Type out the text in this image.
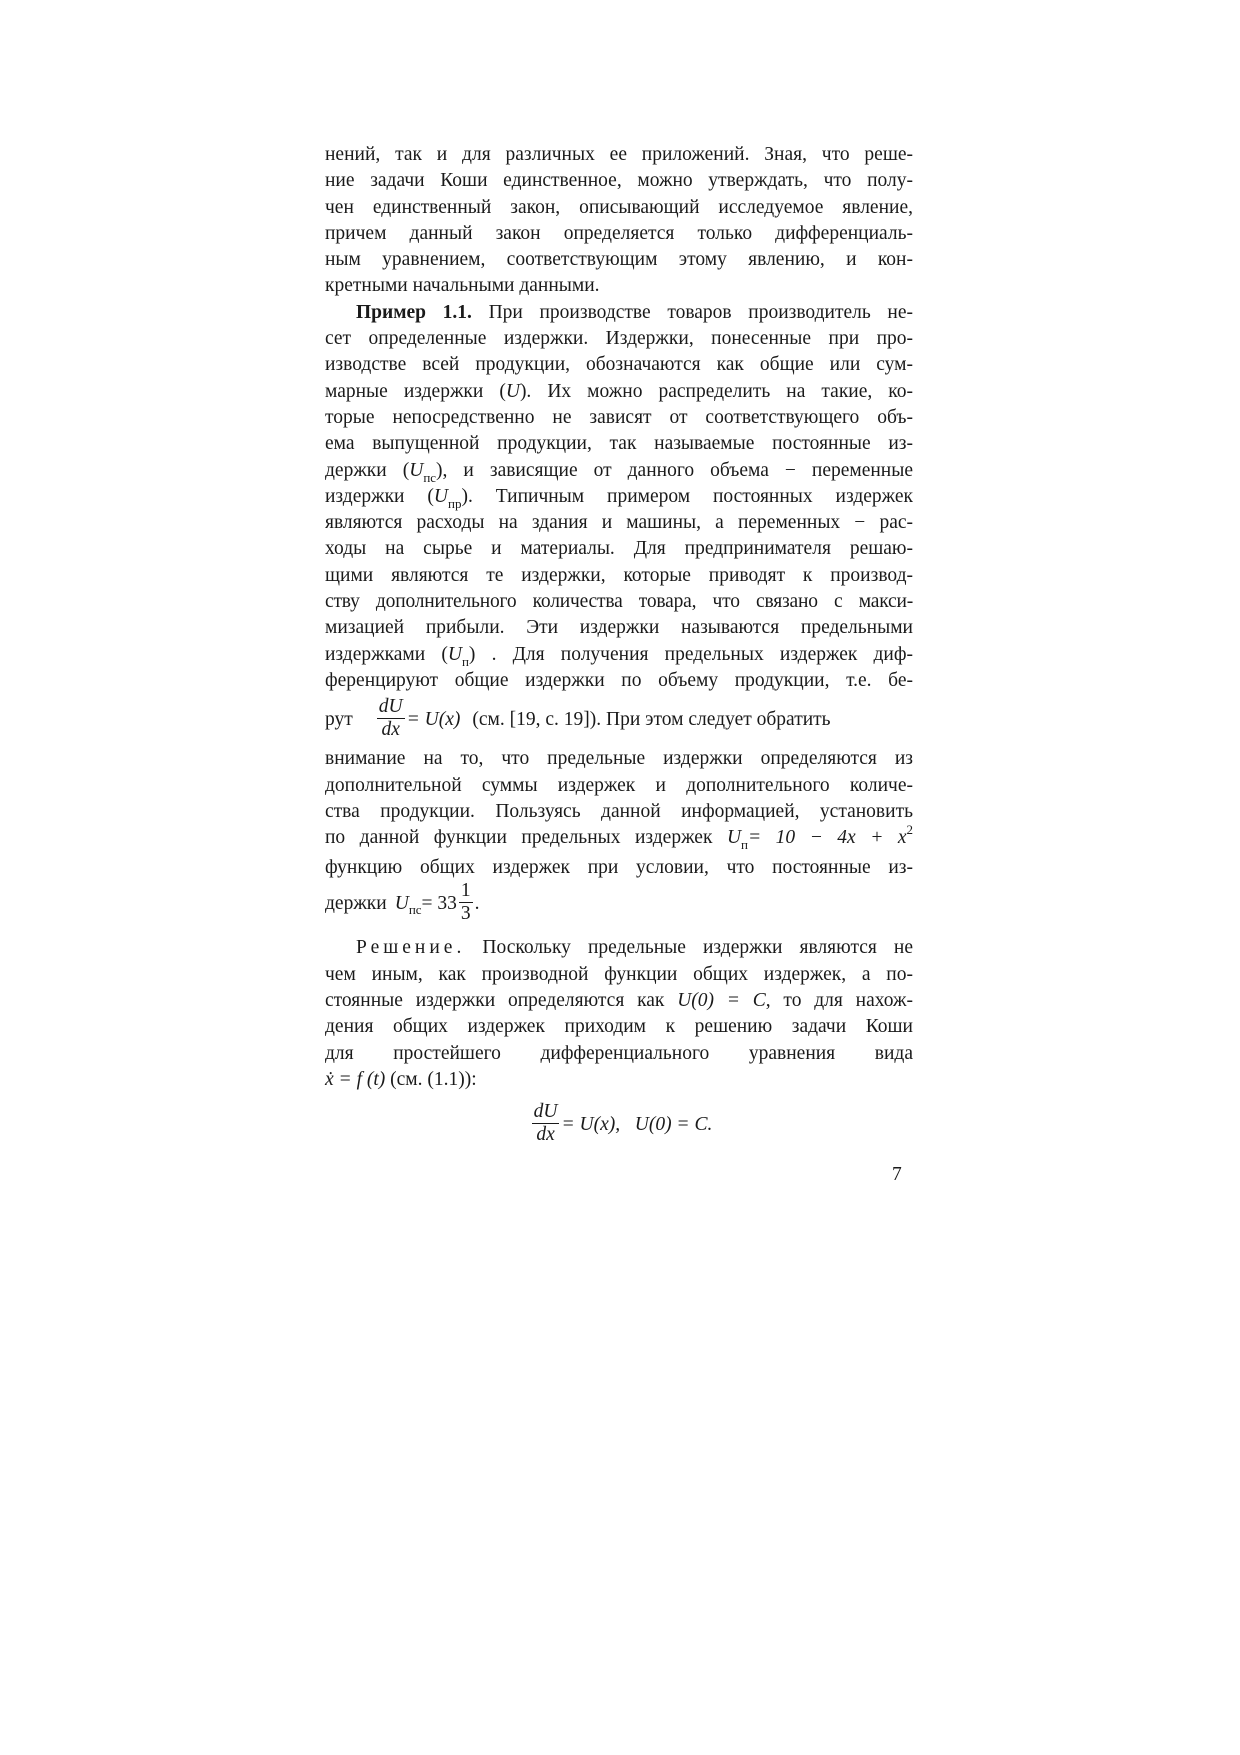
нений, так и для различных ее приложений. Зная, что реше-
ние задачи Коши единственное, можно утверждать, что полу-
чен единственный закон, описывающий исследуемое явление,
причем данный закон определяется только дифференциаль-
ным уравнением, соответствующим этому явлению, и кон-
кретными начальными данными.
Пример 1.1. При производстве товаров производитель не-
сет определенные издержки. Издержки, понесенные при про-
изводстве всей продукции, обозначаются как общие или сум-
марные издержки (U). Их можно распределить на такие, ко-
торые непосредственно не зависят от соответствующего объ-
ема выпущенной продукции, так называемые постоянные из-
держки $(U_{пс})$, и зависящие от данного объема − переменные
издержки $(U_{пр})$. Типичным примером постоянных издержек
являются расходы на здания и машины, а переменных − рас-
ходы на сырье и материалы. Для предпринимателя решаю-
щими являются те издержки, которые приводят к производ-
ству дополнительного количества товара, что связано с макси-
мизацией прибыли. Эти издержки называются предельными
издержками $(U_п)$ . Для получения предельных издержек диф-
ференцируют общие издержки по объему продукции, т.е. бе-
рут $\frac{dU}{dx} = U(x)$ (см. [19, с. 19]). При этом следует обратить
внимание на то, что предельные издержки определяются из
дополнительной суммы издержек и дополнительного количе-
ства продукции. Пользуясь данной информацией, установить
по данной функции предельных издержек $U_п= 10 - 4x + x^2$
функцию общих издержек при условии, что постоянные из-
держки U пс = $33 \frac{1}{3}$ .
Решение. Поскольку предельные издержки являются не
чем иным, как производной функции общих издержек, а по-
стоянные издержки определяются как U(0) = C, то для нахож-
дения общих издержек приходим к решению задачи Коши
для простейшего дифференциального уравнения вида
ẋ = f (t) (см. (1.1)):
$\frac{dU}{dx} = U(x)$,   U(0) = C.
7
